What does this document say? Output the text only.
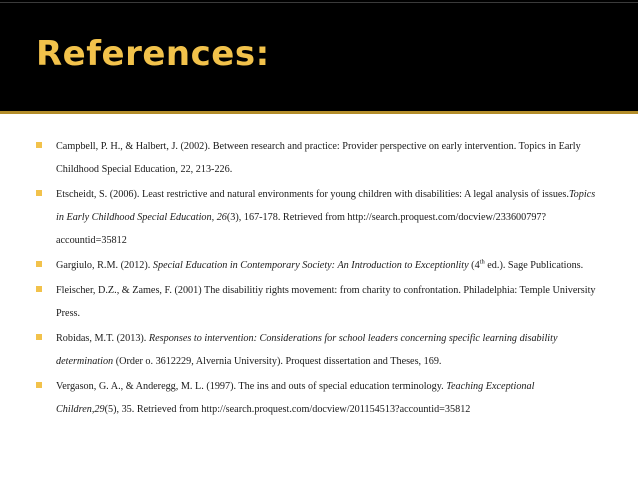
References:
Campbell, P. H., & Halbert, J. (2002). Between research and practice: Provider perspective on early intervention. Topics in Early Childhood Special Education, 22, 213-226.
Etscheidt, S. (2006). Least restrictive and natural environments for young children with disabilities: A legal analysis of issues.Topics in Early Childhood Special Education, 26(3), 167-178. Retrieved from http://search.proquest.com/docview/233600797?accountid=35812
Gargiulo, R.M. (2012). Special Education in Contemporary Society: An Introduction to Exceptionlity (4th ed.). Sage Publications.
Fleischer, D.Z., & Zames, F. (2001) The disabilitiy rights movement: from charity to confrontation. Philadelphia: Temple University Press.
Robidas, M.T. (2013). Responses to intervention: Considerations for school leaders concerning specific learning disability determination (Order o. 3612229, Alvernia University). Proquest dissertation and Theses, 169.
Vergason, G. A., & Anderegg, M. L. (1997). The ins and outs of special education terminology. Teaching Exceptional Children,29(5), 35. Retrieved from http://search.proquest.com/docview/201154513?accountid=35812
